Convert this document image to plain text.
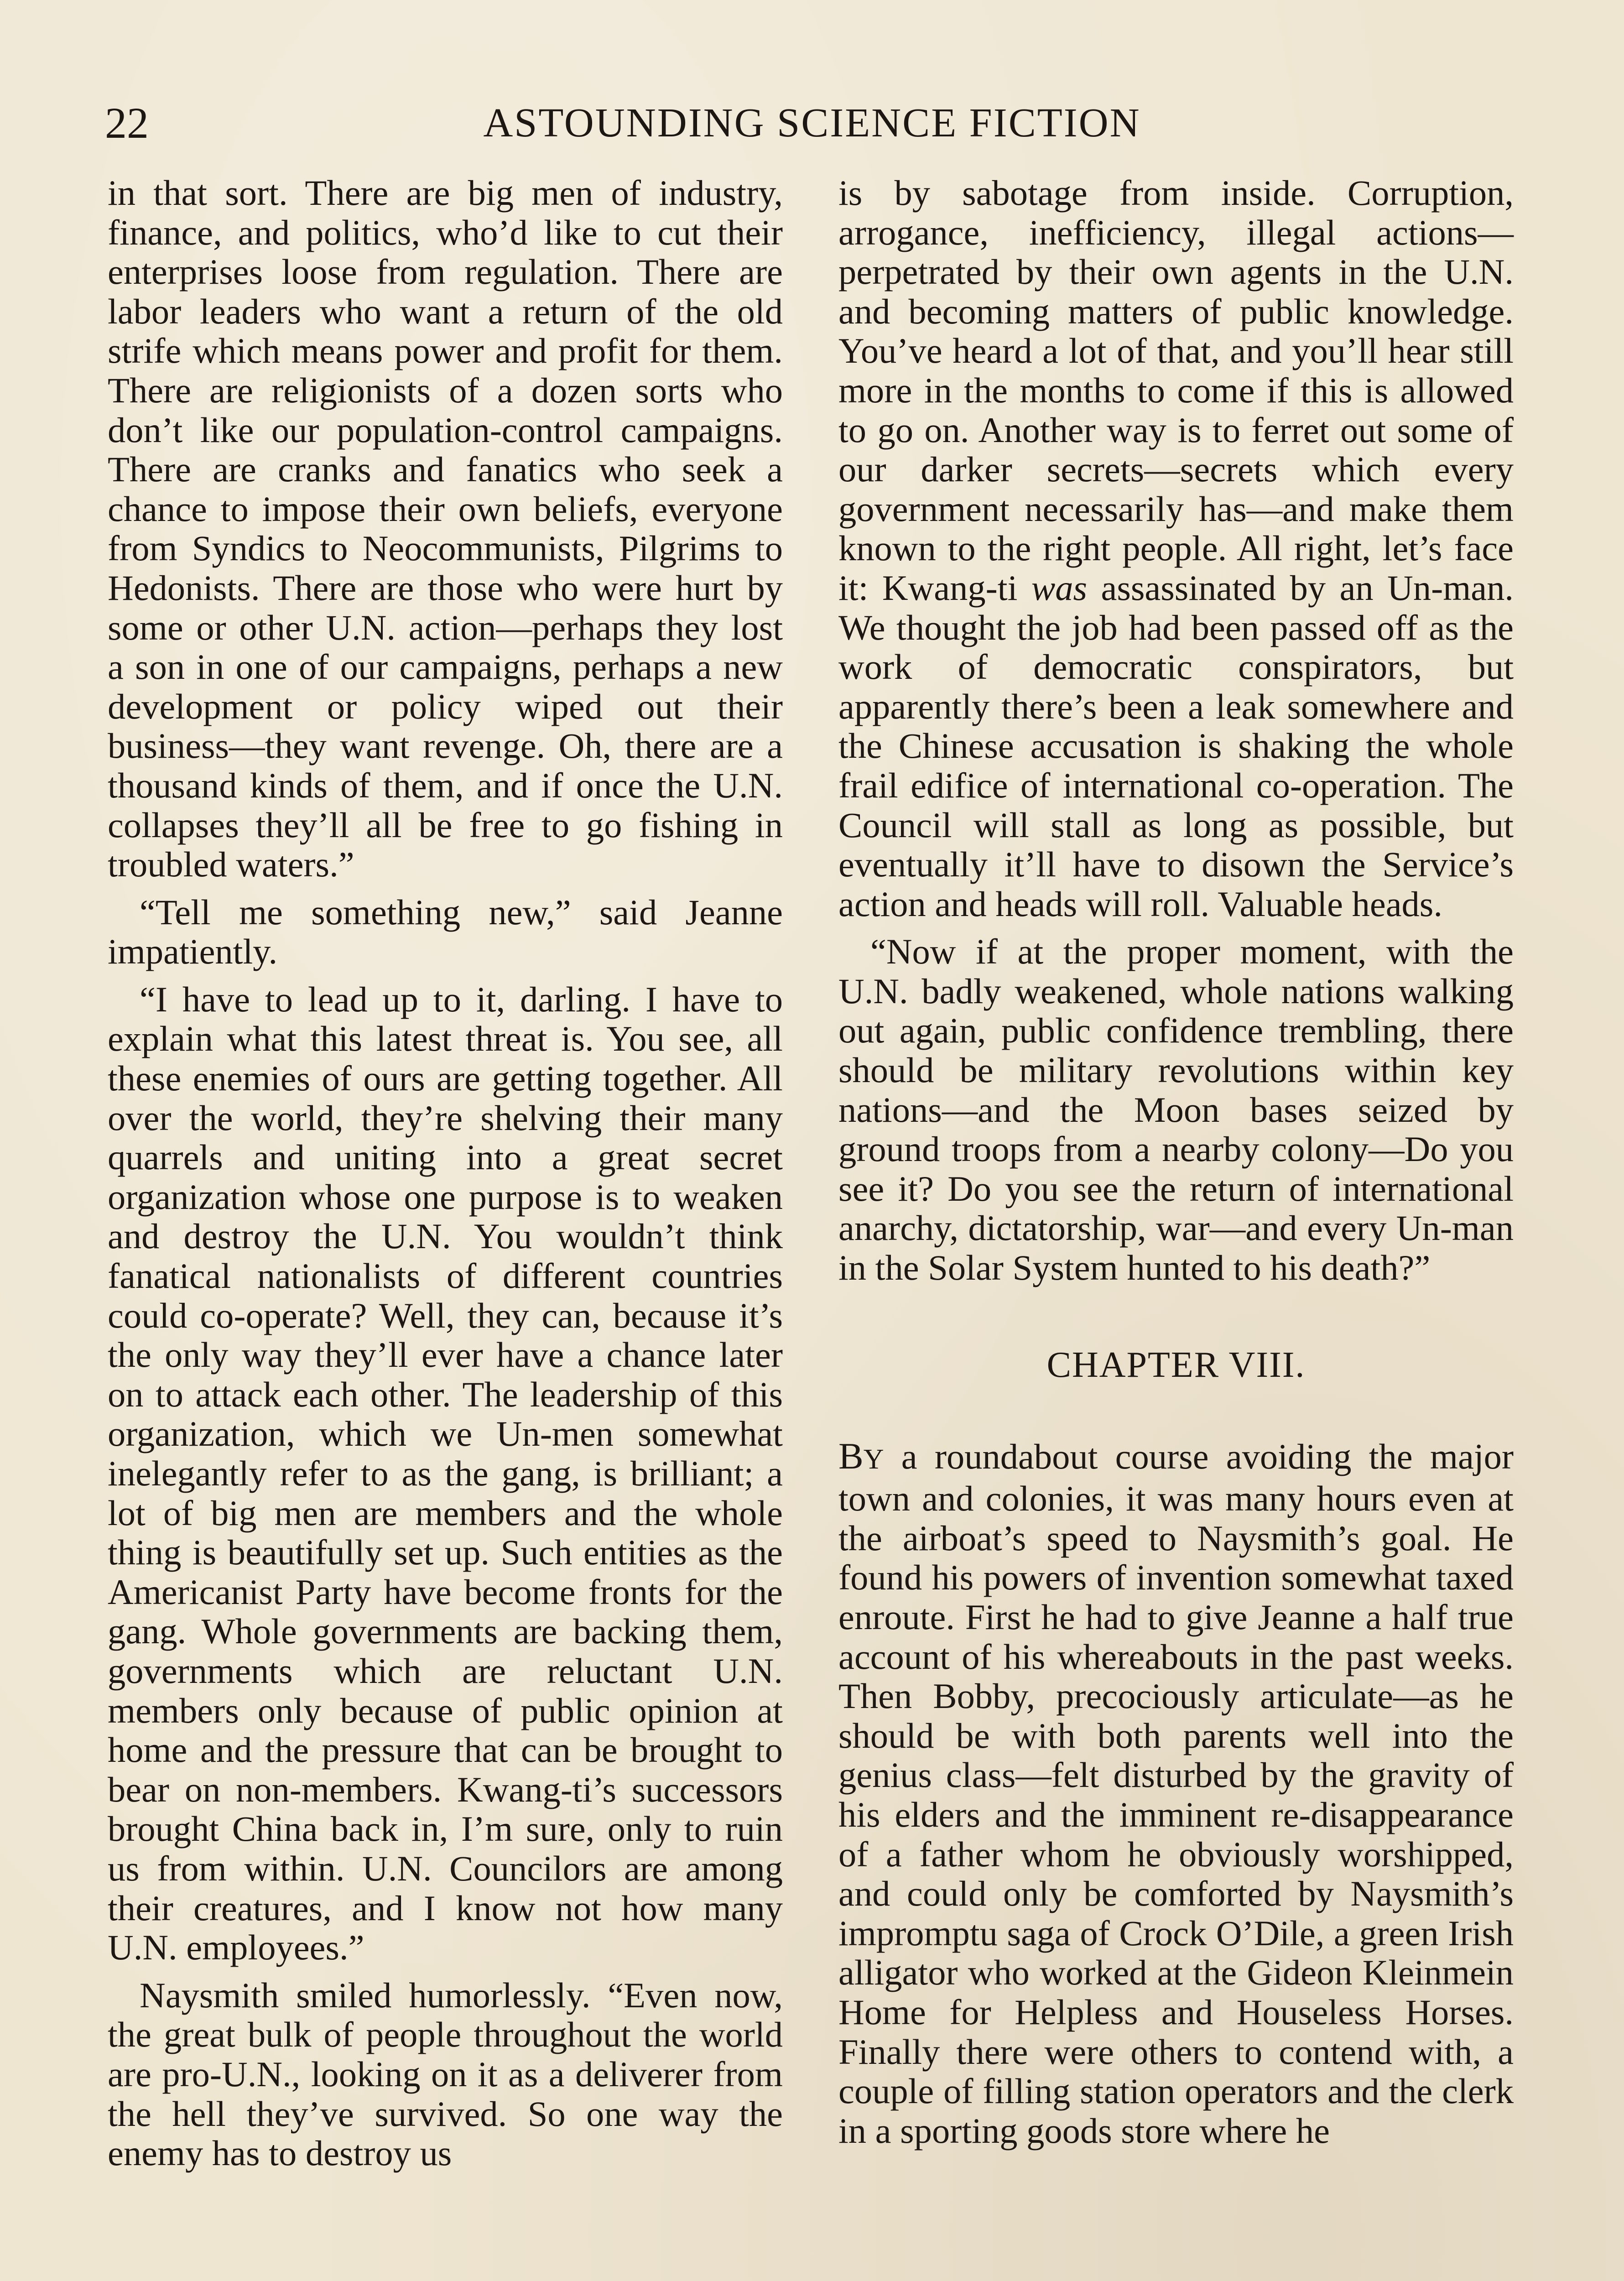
22	ASTOUNDING SCIENCE FICTION

in that sort. There are big men of industry, finance, and politics, who’d like to cut their enterprises loose from regulation. There are labor leaders who want a return of the old strife which means power and profit for them. There are religionists of a dozen sorts who don’t like our population-control campaigns. There are cranks and fanatics who seek a chance to impose their own beliefs, everyone from Syndics to Neocommunists, Pilgrims to Hedonists. There are those who were hurt by some or other U.N. action—perhaps they lost a son in one of our campaigns, perhaps a new development or policy wiped out their business—they want revenge. Oh, there are a thousand kinds of them, and if once the U.N. collapses they’ll all be free to go fishing in troubled waters.”

“Tell me something new,” said Jeanne impatiently.

“I have to lead up to it, darling. I have to explain what this latest threat is. You see, all these enemies of ours are getting together. All over the world, they’re shelving their many quarrels and uniting into a great secret organization whose one purpose is to weaken and destroy the U.N. You wouldn’t think fanatical nationalists of different countries could co-operate? Well, they can, because it’s the only way they’ll ever have a chance later on to attack each other. The leadership of this organization, which we Un-men somewhat inelegantly refer to as the gang, is brilliant; a lot of big men are members and the whole thing is beautifully set up. Such entities as the Americanist Party have become fronts for the gang. Whole governments are backing them, governments which are reluctant U.N. members only because of public opinion at home and the pressure that can be brought to bear on non-members. Kwang-ti’s successors brought China back in, I’m sure, only to ruin us from within. U.N. Councilors are among their creatures, and I know not how many U.N. employees.”

Naysmith smiled humorlessly. “Even now, the great bulk of people throughout the world are pro-U.N., looking on it as a deliverer from the hell they’ve survived. So one way the enemy has to destroy us

is by sabotage from inside. Corruption, arrogance, inefficiency, illegal actions—perpetrated by their own agents in the U.N. and becoming matters of public knowledge. You’ve heard a lot of that, and you’ll hear still more in the months to come if this is allowed to go on. Another way is to ferret out some of our darker secrets—secrets which every government necessarily has—and make them known to the right people. All right, let’s face it: Kwang-ti was assassinated by an Un-man. We thought the job had been passed off as the work of democratic conspirators, but apparently there’s been a leak somewhere and the Chinese accusation is shaking the whole frail edifice of international co-operation. The Council will stall as long as possible, but eventually it’ll have to disown the Service’s action and heads will roll. Valuable heads.

“Now if at the proper moment, with the U.N. badly weakened, whole nations walking out again, public confidence trembling, there should be military revolutions within key nations—and the Moon bases seized by ground troops from a nearby colony—Do you see it? Do you see the return of international anarchy, dictatorship, war—and every Un-man in the Solar System hunted to his death?”

CHAPTER VIII.

BY a roundabout course avoiding the major town and colonies, it was many hours even at the airboat’s speed to Naysmith’s goal. He found his powers of invention somewhat taxed enroute. First he had to give Jeanne a half true account of his whereabouts in the past weeks. Then Bobby, precociously articulate—as he should be with both parents well into the genius class—felt disturbed by the gravity of his elders and the imminent re-disappearance of a father whom he obviously worshipped, and could only be comforted by Naysmith’s impromptu saga of Crock O’Dile, a green Irish alligator who worked at the Gideon Kleinmein Home for Helpless and Houseless Horses. Finally there were others to contend with, a couple of filling station operators and the clerk in a sporting goods store where he
